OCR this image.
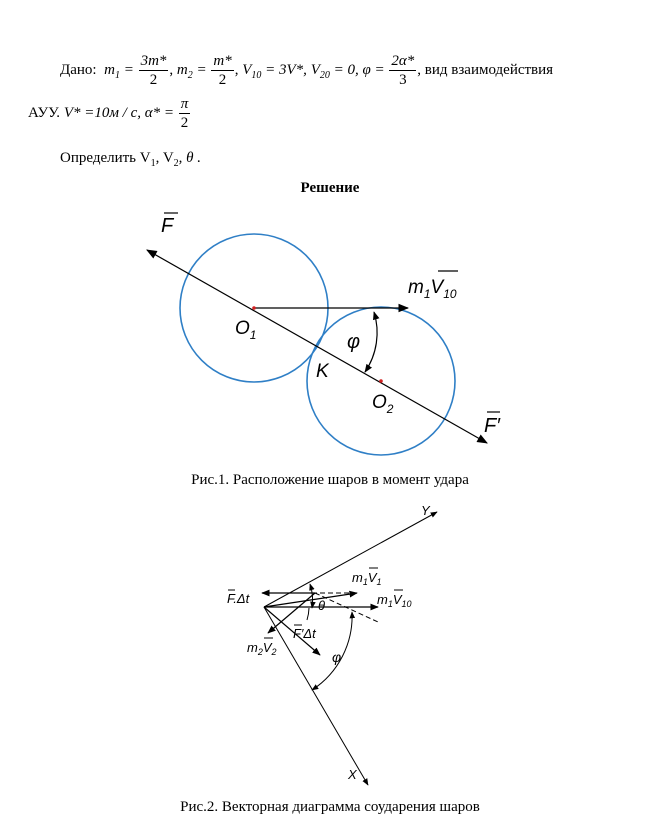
Дано: $m_1 = \frac{3m*}{2}$ , $m_2 = \frac{m*}{2}$ , $V_{10} = 3V*$, $V_{20} = 0$, $\varphi = \frac{2\alpha*}{3}$ , вид взаимодействия
АУУ. V* =10м / с, $\alpha* = \frac{\pi}{2}$
Определить $V_1$, $V_2$, θ .
Решение
F
$O_1$
$O_2$
K
φ
$m_1V_{10}$
F′
Рис.1. Расположение шаров в момент удара
Y
X
F.Δt
F′Δt
$m_1V_1$
$m_1V_{10}$
$m_2V_2$
θ
φ
Рис.2. Векторная диаграмма соударения шаров
